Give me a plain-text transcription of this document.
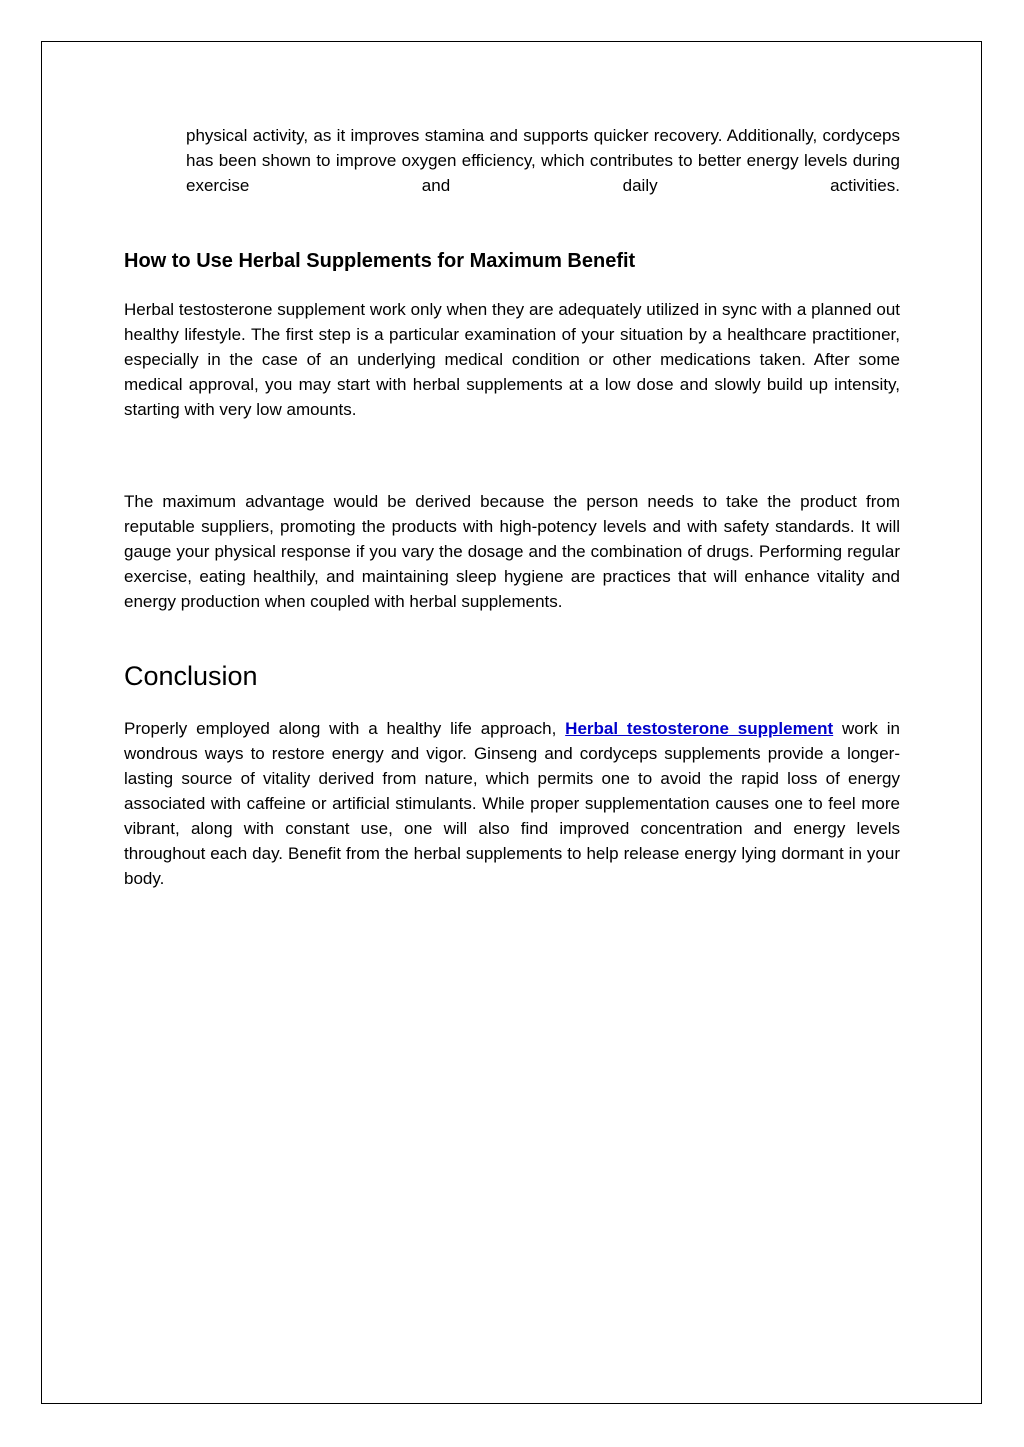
physical activity, as it improves stamina and supports quicker recovery. Additionally, cordyceps has been shown to improve oxygen efficiency, which contributes to better energy levels during exercise and daily activities.

How to Use Herbal Supplements for Maximum Benefit

Herbal testosterone supplement work only when they are adequately utilized in sync with a planned out healthy lifestyle. The first step is a particular examination of your situation by a healthcare practitioner, especially in the case of an underlying medical condition or other medications taken. After some medical approval, you may start with herbal supplements at a low dose and slowly build up intensity, starting with very low amounts.

The maximum advantage would be derived because the person needs to take the product from reputable suppliers, promoting the products with high-potency levels and with safety standards. It will gauge your physical response if you vary the dosage and the combination of drugs. Performing regular exercise, eating healthily, and maintaining sleep hygiene are practices that will enhance vitality and energy production when coupled with herbal supplements.

Conclusion

Properly employed along with a healthy life approach, Herbal testosterone supplement work in wondrous ways to restore energy and vigor. Ginseng and cordyceps supplements provide a longer-lasting source of vitality derived from nature, which permits one to avoid the rapid loss of energy associated with caffeine or artificial stimulants. While proper supplementation causes one to feel more vibrant, along with constant use, one will also find improved concentration and energy levels throughout each day. Benefit from the herbal supplements to help release energy lying dormant in your body.
